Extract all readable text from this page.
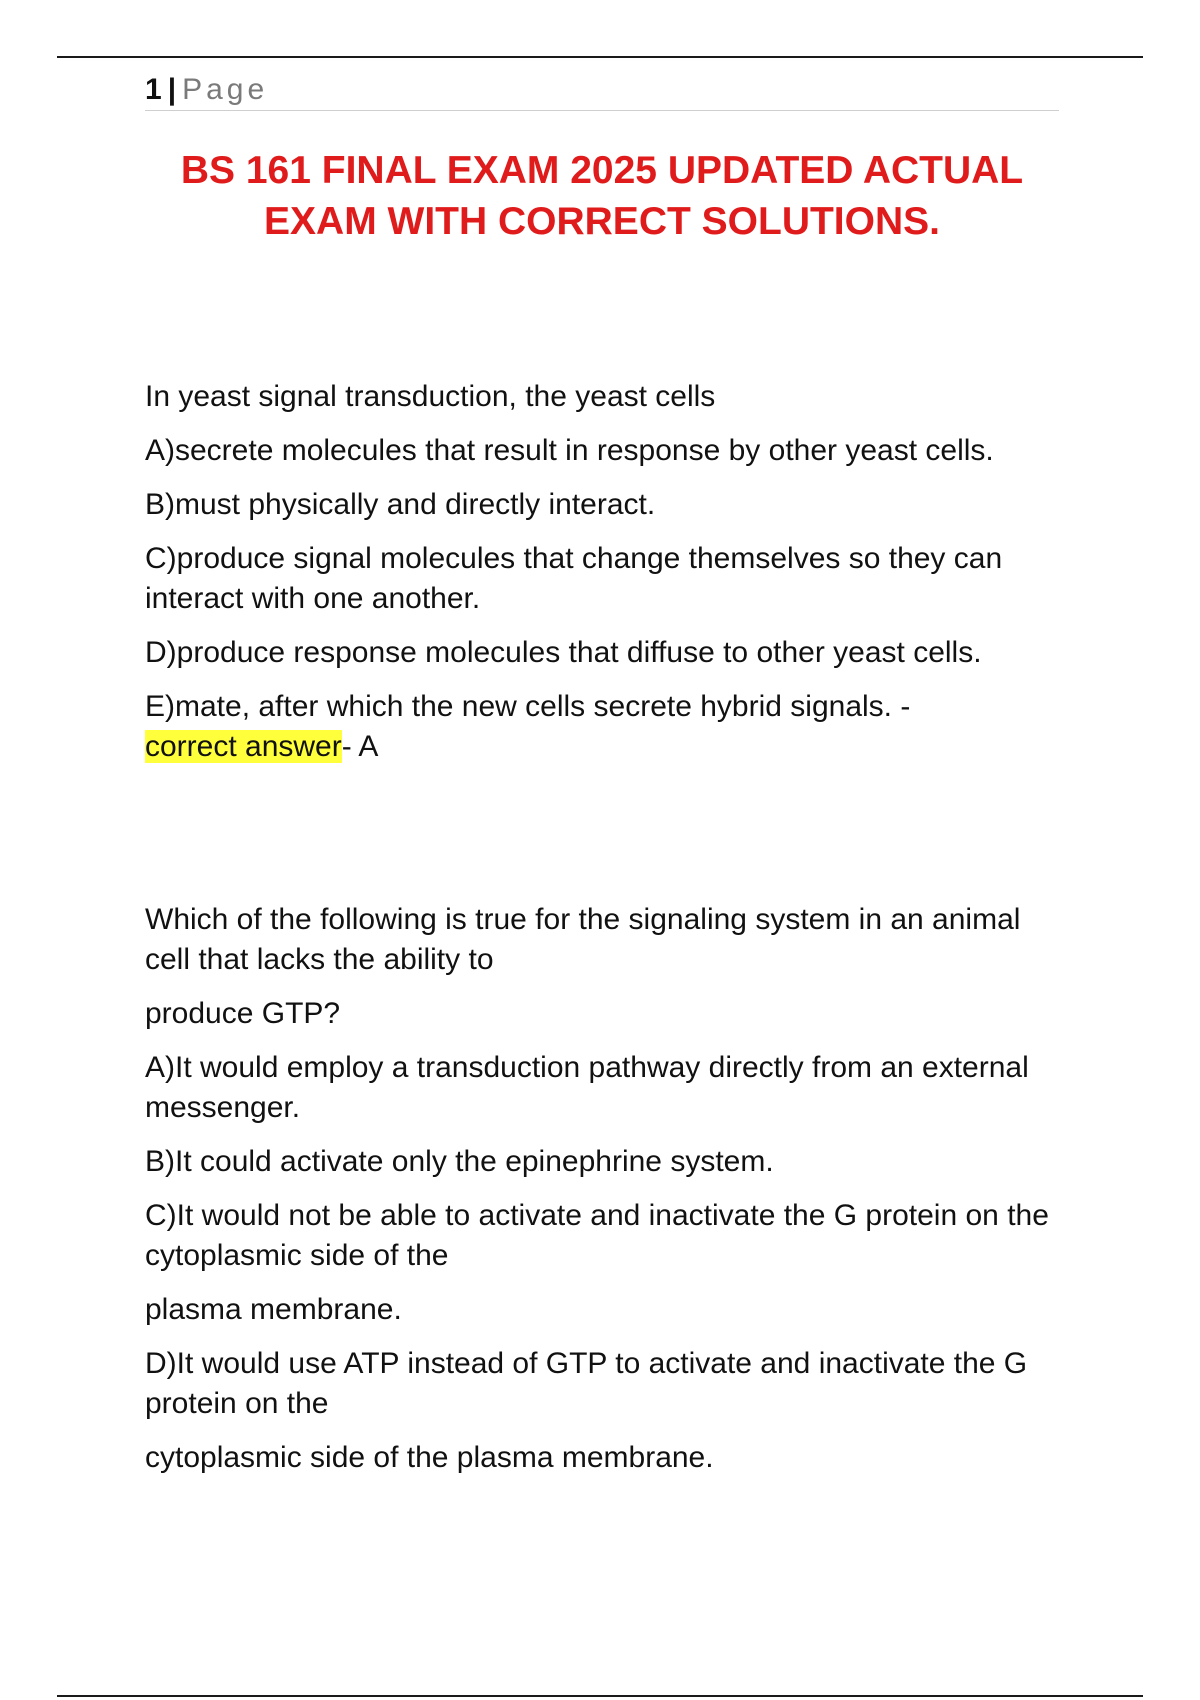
1 | Page
BS 161 FINAL EXAM 2025 UPDATED ACTUAL
EXAM WITH CORRECT SOLUTIONS.

In yeast signal transduction, the yeast cells

A)secrete molecules that result in response by other yeast cells.

B)must physically and directly interact.

C)produce signal molecules that change themselves so they can interact with one another.

D)produce response molecules that diffuse to other yeast cells.

E)mate, after which the new cells secrete hybrid signals. -
correct answer- A

Which of the following is true for the signaling system in an animal cell that lacks the ability to

produce GTP?

A)It would employ a transduction pathway directly from an external messenger.

B)It could activate only the epinephrine system.

C)It would not be able to activate and inactivate the G protein on the cytoplasmic side of the

plasma membrane.

D)It would use ATP instead of GTP to activate and inactivate the G protein on the

cytoplasmic side of the plasma membrane.
